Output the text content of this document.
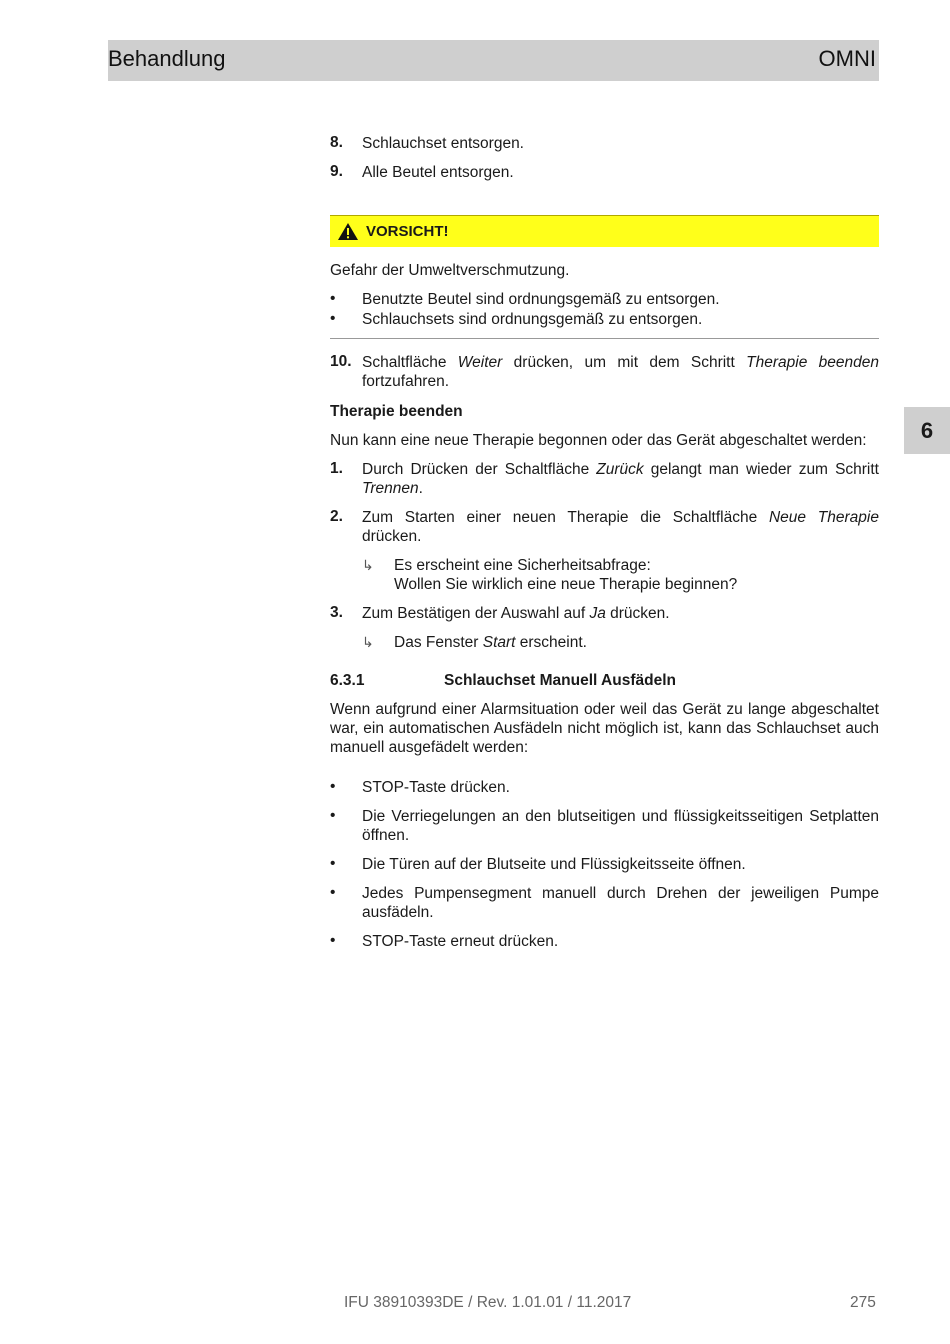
Behandlung	OMNI
6
8. Schlauchset entsorgen.
9. Alle Beutel entsorgen.
VORSICHT!
Gefahr der Umweltverschmutzung.
• Benutzte Beutel sind ordnungsgemäß zu entsorgen.
• Schlauchsets sind ordnungsgemäß zu entsorgen.
10. Schaltfläche Weiter drücken, um mit dem Schritt Therapie beenden fortzufahren.
Therapie beenden
Nun kann eine neue Therapie begonnen oder das Gerät abgeschaltet werden:
1. Durch Drücken der Schaltfläche Zurück gelangt man wieder zum Schritt Trennen.
2. Zum Starten einer neuen Therapie die Schaltfläche Neue Therapie drücken.
↳ Es erscheint eine Sicherheitsabfrage:
Wollen Sie wirklich eine neue Therapie beginnen?
3. Zum Bestätigen der Auswahl auf Ja drücken.
↳ Das Fenster Start erscheint.
6.3.1	Schlauchset Manuell Ausfädeln
Wenn aufgrund einer Alarmsituation oder weil das Gerät zu lange abgeschaltet war, ein automatischen Ausfädeln nicht möglich ist, kann das Schlauchset auch manuell ausgefädelt werden:
• STOP-Taste drücken.
• Die Verriegelungen an den blutseitigen und flüssigkeitsseitigen Setplatten öffnen.
• Die Türen auf der Blutseite und Flüssigkeitsseite öffnen.
• Jedes Pumpensegment manuell durch Drehen der jeweiligen Pumpe ausfädeln.
• STOP-Taste erneut drücken.
IFU 38910393DE / Rev. 1.01.01 / 11.2017	275
